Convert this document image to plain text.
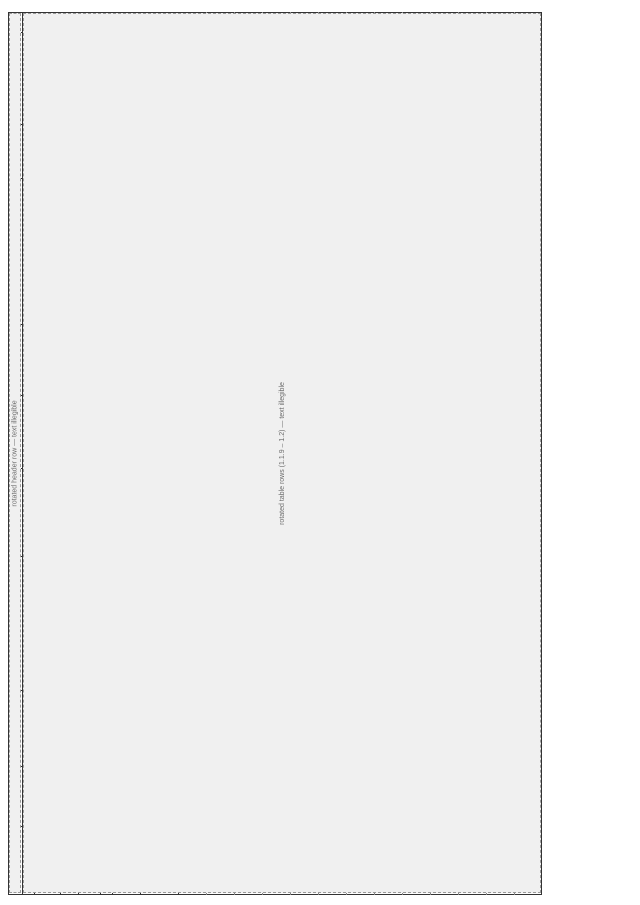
rotated header row — text illegible	rotated table rows (1.1.9 – 1.2) — text illegible
